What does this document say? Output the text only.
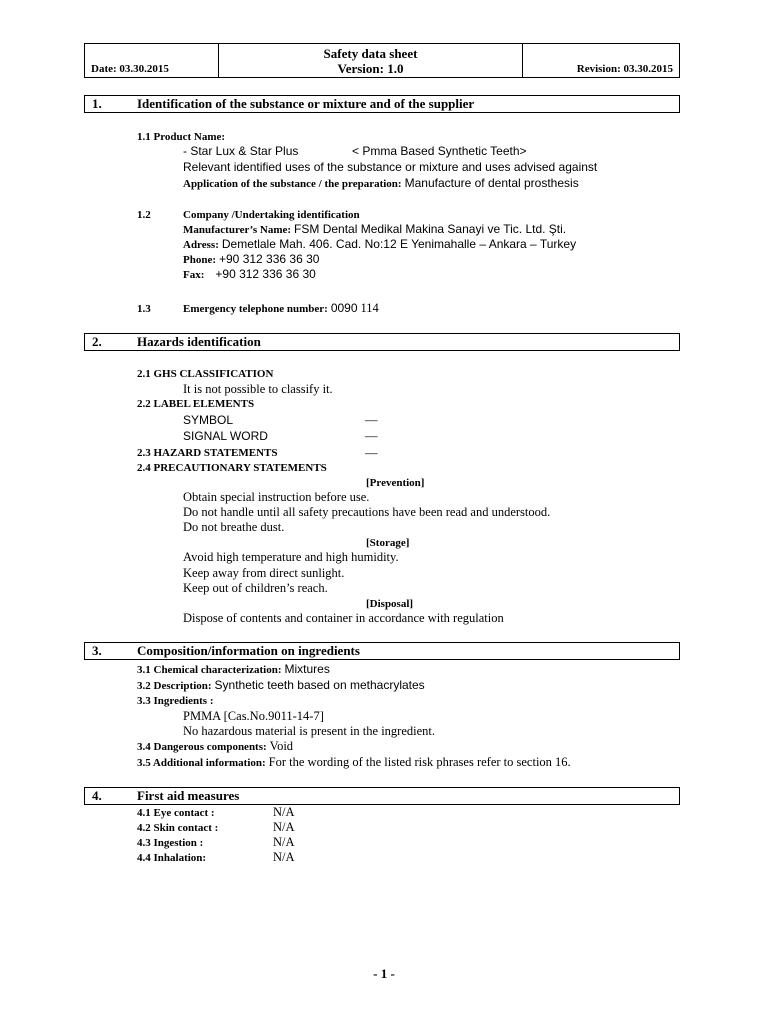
Date: 03.30.2015
Safety data sheet
Version: 1.0	Revision: 03.30.2015
1.	Identification of the substance or mixture and of the supplier
1.1 Product Name:
- Star Lux & Star Plus	< Pmma Based Synthetic Teeth>
Relevant identified uses of the substance or mixture and uses advised against
Application of the substance / the preparation: Manufacture of dental prosthesis
1.2	Company /Undertaking identification
Manufacturer’s Name: FSM Dental Medikal Makina Sanayi ve Tic. Ltd. Şti.
Adress: Demetlale Mah. 406. Cad. No:12 E Yenimahalle – Ankara – Turkey
Phone: +90 312 336 36 30
Fax: +90 312 336 36 30
1.3	Emergency telephone number: 0090 114
2.	Hazards identification
2.1 GHS CLASSIFICATION
It is not possible to classify it.
2.2 LABEL ELEMENTS
SYMBOL	—
SIGNAL WORD	—
2.3 HAZARD STATEMENTS	—
2.4 PRECAUTIONARY STATEMENTS
[Prevention]
Obtain special instruction before use.
Do not handle until all safety precautions have been read and understood.
Do not breathe dust.
[Storage]
Avoid high temperature and high humidity.
Keep away from direct sunlight.
Keep out of children’s reach.
[Disposal]
Dispose of contents and container in accordance with regulation
3.	Composition/information on ingredients
3.1 Chemical characterization: Mixtures
3.2 Description: Synthetic teeth based on methacrylates
3.3 Ingredients :
PMMA [Cas.No.9011-14-7]
No hazardous material is present in the ingredient.
3.4 Dangerous components: Void
3.5 Additional information: For the wording of the listed risk phrases refer to section 16.
4.	First aid measures
4.1 Eye contact :	N/A
4.2 Skin contact :	N/A
4.3 Ingestion :	N/A
4.4 Inhalation:	N/A
- 1 -
